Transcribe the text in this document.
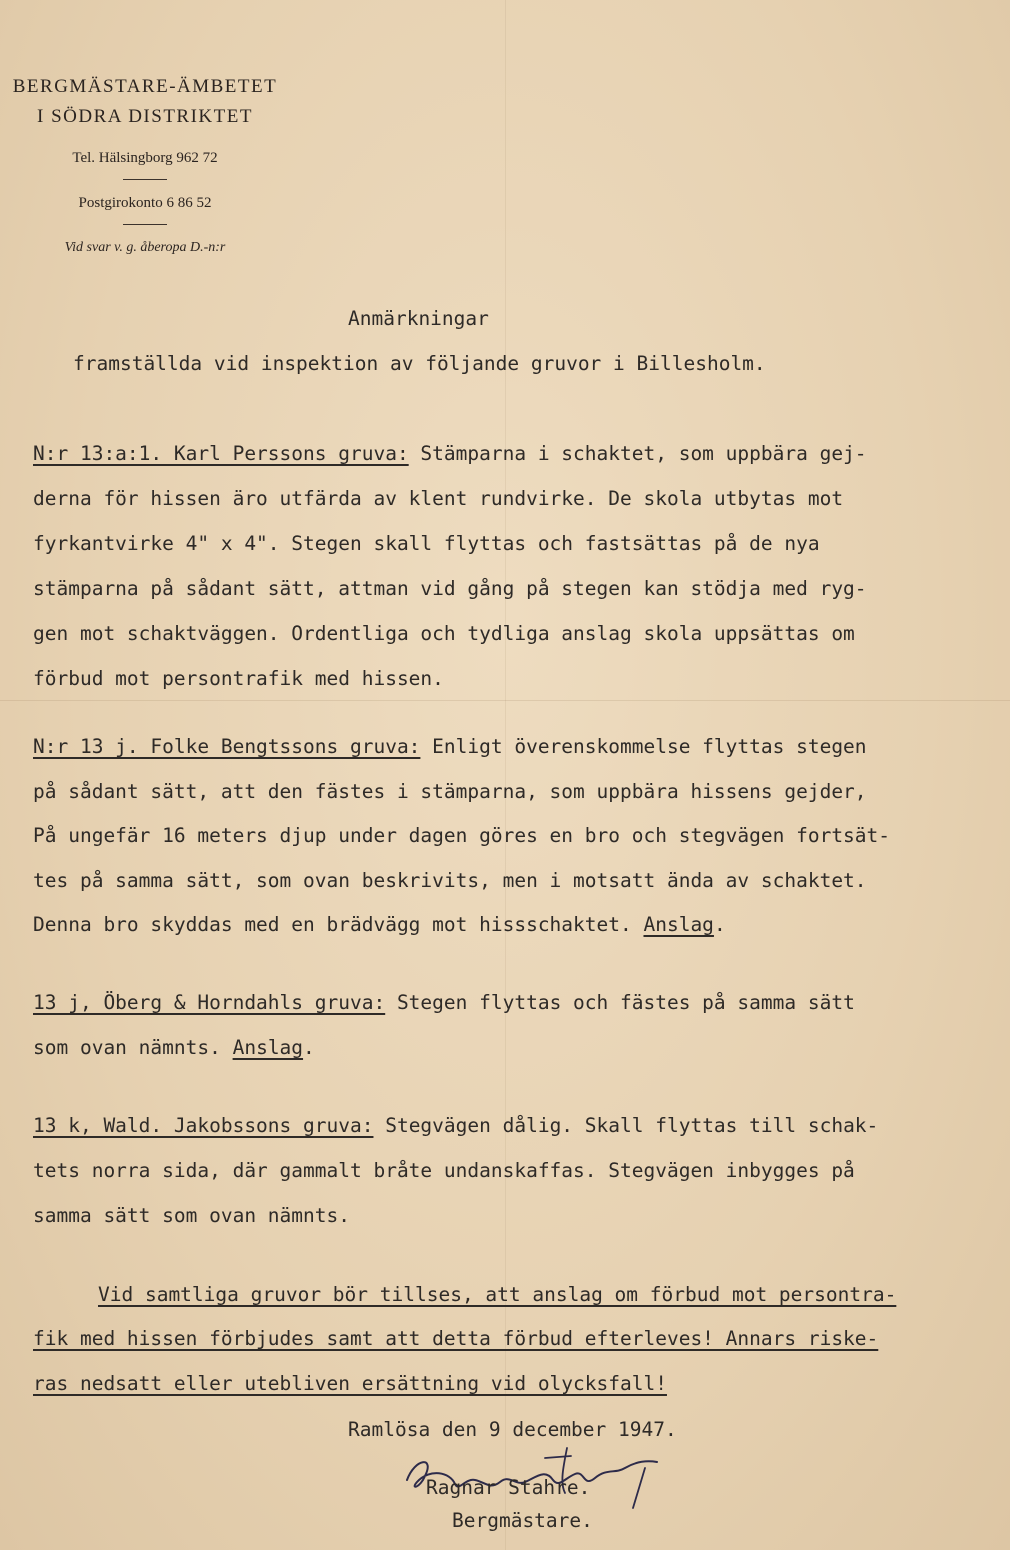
BERGMÄSTARE-ÄMBETET
I SÖDRA DISTRIKTET
Tel. Hälsingborg 962 72
Postgirokonto 6 86 52
Vid svar v. g. åberopa D.-n:r
Anmärkningar
framställda vid inspektion av följande gruvor i Billesholm.
N:r 13:a:1. Karl Perssons gruva: Stämparna i schaktet, som uppbära gej-
derna för hissen äro utfärda av klent rundvirke. De skola utbytas mot
fyrkantvirke 4" x 4". Stegen skall flyttas och fastsättas på de nya
stämparna på sådant sätt, attman vid gång på stegen kan stödja med ryg-
gen mot schaktväggen. Ordentliga och tydliga anslag skola uppsättas om
förbud mot persontrafik med hissen.
N:r 13 j. Folke Bengtssons gruva: Enligt överenskommelse flyttas stegen
på sådant sätt, att den fästes i stämparna, som uppbära hissens gejder,
På ungefär 16 meters djup under dagen göres en bro och stegvägen fortsät-
tes på samma sätt, som ovan beskrivits, men i motsatt ända av schaktet.
Denna bro skyddas med en brädvägg mot hissschaktet. Anslag.
13 j, Öberg & Horndahls gruva: Stegen flyttas och fästes på samma sätt
som ovan nämnts. Anslag.
13 k, Wald. Jakobssons gruva: Stegvägen dålig. Skall flyttas till schak-
tets norra sida, där gammalt bråte undanskaffas. Stegvägen inbygges på
samma sätt som ovan nämnts.
Vid samtliga gruvor bör tillses, att anslag om förbud mot persontra-
fik med hissen förbjudes samt att detta förbud efterleves! Annars riske-
ras nedsatt eller utebliven ersättning vid olycksfall!
Ramlösa den 9 december 1947.
Ragnar Stahre.
Bergmästare.
